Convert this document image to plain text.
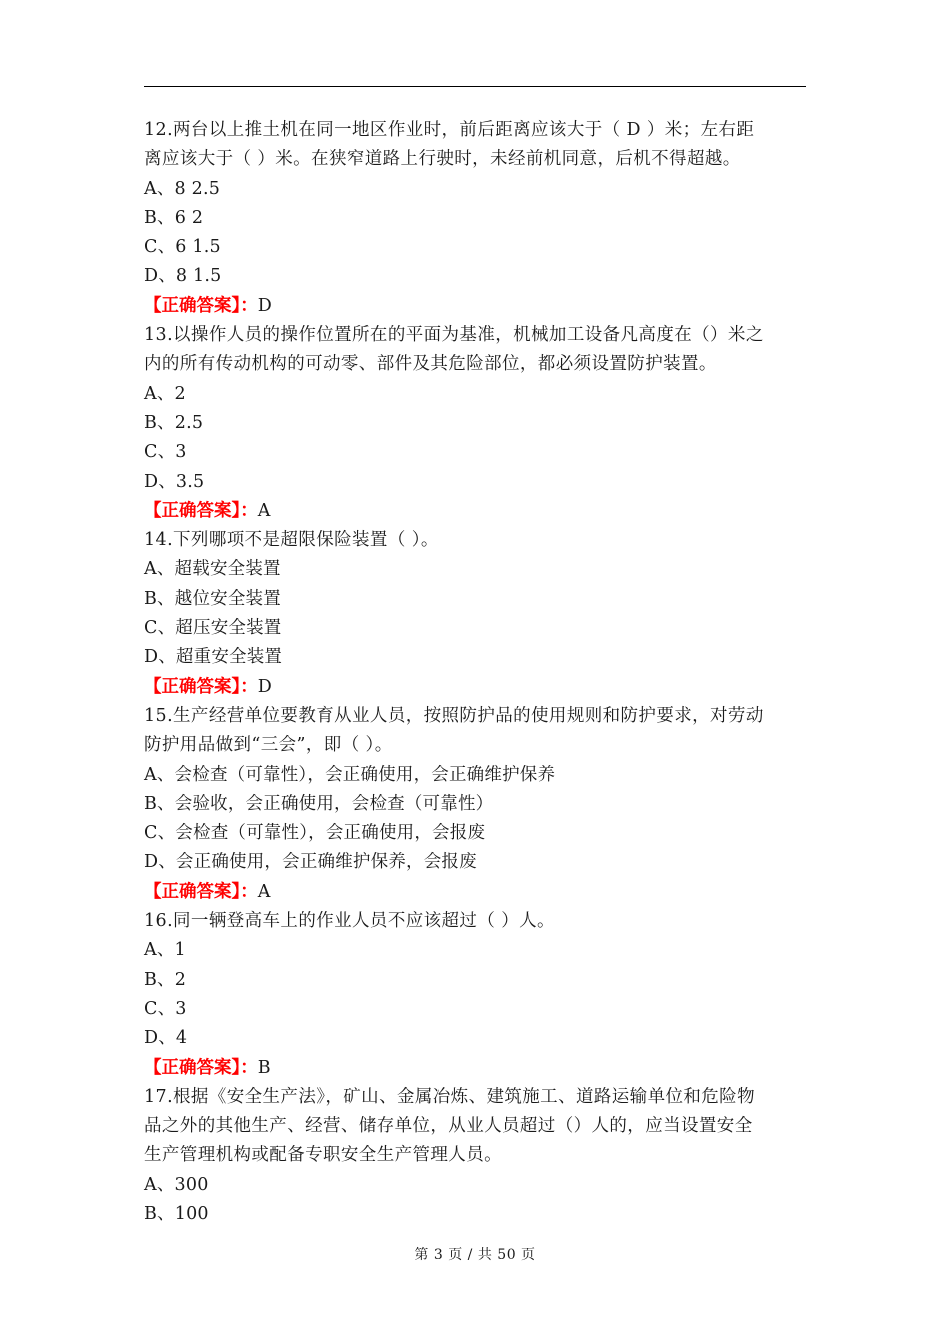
12.两台以上推土机在同一地区作业时，前后距离应该大于（ D ）米；左右距
离应该大于（ ）米。在狭窄道路上行驶时，未经前机同意，后机不得超越。
A、8 2.5
B、6 2
C、6 1.5
D、8 1.5
【正确答案】：D
13.以操作人员的操作位置所在的平面为基准，机械加工设备凡高度在（）米之
内的所有传动机构的可动零、部件及其危险部位，都必须设置防护装置。
A、2
B、2.5
C、3
D、3.5
【正确答案】：A
14.下列哪项不是超限保险装置（ ）。
A、超载安全装置
B、越位安全装置
C、超压安全装置
D、超重安全装置
【正确答案】：D
15.生产经营单位要教育从业人员，按照防护品的使用规则和防护要求，对劳动
防护用品做到“三会”，即（ ）。
A、会检查（可靠性），会正确使用，会正确维护保养
B、会验收，会正确使用，会检查（可靠性）
C、会检查（可靠性），会正确使用，会报废
D、会正确使用，会正确维护保养，会报废
【正确答案】：A
16.同一辆登高车上的作业人员不应该超过（ ）人。
A、1
B、2
C、3
D、4
【正确答案】：B
17.根据《安全生产法》，矿山、金属冶炼、建筑施工、道路运输单位和危险物
品之外的其他生产、经营、储存单位，从业人员超过（）人的，应当设置安全
生产管理机构或配备专职安全生产管理人员。
A、300
B、100
第 3 页 / 共 50 页
